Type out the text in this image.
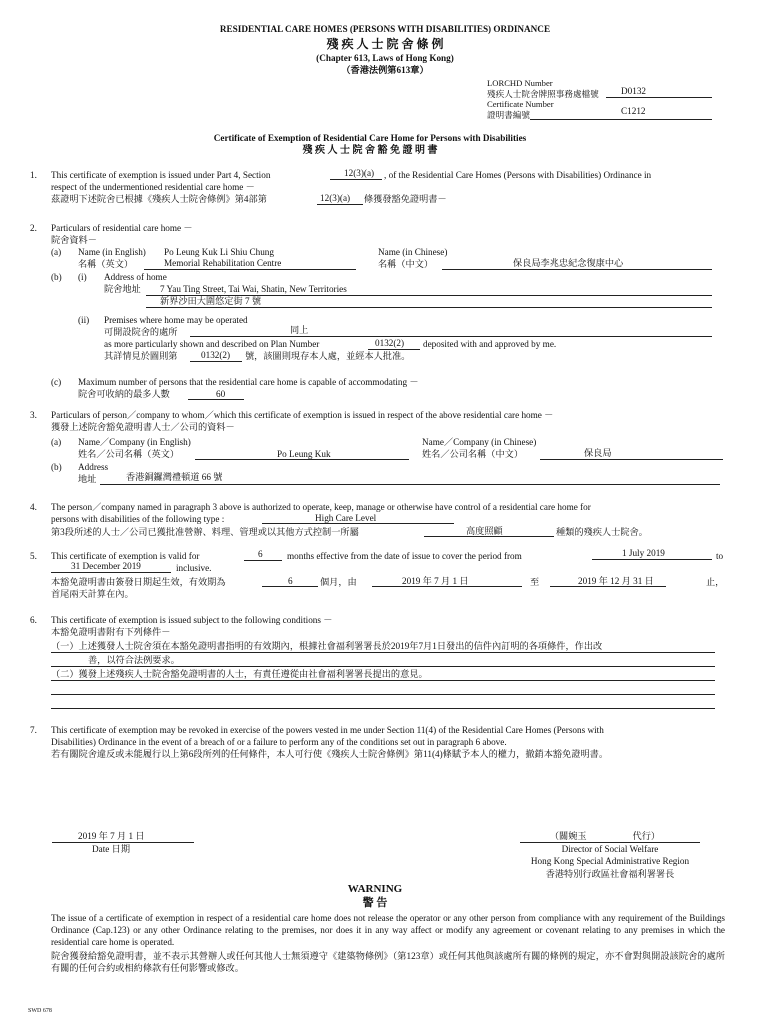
RESIDENTIAL CARE HOMES (PERSONS WITH DISABILITIES) ORDINANCE
殘 疾 人 士 院 舍 條 例
(Chapter 613, Laws of Hong Kong)
（香港法例第613章）
LORCHD Number
殘疾人士院舍牌照事務處檔號 D0132
Certificate Number
證明書編號	C1212
Certificate of Exemption of Residential Care Home for Persons with Disabilities
殘 疾 人 士 院 舍 豁 免 證 明 書
1. This certificate of exemption is issued under Part 4, Section	12(3)(a) , of the Residential Care Homes (Persons with Disabilities) Ordinance in
respect of the undermentioned residential care home －
茲證明下述院舍已根據《殘疾人士院舍條例》第4部第	12(3)(a) 條獲發豁免證明書－
2. Particulars of residential care home －
院舍資料－
(a) Name (in English) Po Leung Kuk Li Shiu Chung
名稱（英文）	Memorial Rehabilitation Centre
Name (in Chinese)
名稱（中文）	保良局李兆忠紀念復康中心
(b) (i) Address of home
院舍地址 7 Yau Ting Street, Tai Wai, Shatin, New Territories
新界沙田大圍悠定街 7 號
(ii) Premises where home may be operated
可開設院舍的處所	同上
as more particularly shown and described on Plan Number	0132(2) deposited with and approved by me.
其詳情見於圖則第	0132(2) 號，該圖則現存本人處，並經本人批准。
(c) Maximum number of persons that the residential care home is capable of accommodating －
院舍可收納的最多人數	60
3. Particulars of person／company to whom／which this certificate of exemption is issued in respect of the above residential care home －
獲發上述院舍豁免證明書人士／公司的資料－
(a) Name／Company (in English)
姓名／公司名稱（英文）	Po Leung Kuk
Name／Company (in Chinese)
姓名／公司名稱（中文）	保良局
(b) Address
地址	香港銅鑼灣禮頓道 66 號
4. The person／company named in paragraph 3 above is authorized to operate, keep, manage or otherwise have control of a residential care home for
persons with disabilities of the following type :	High Care Level
第3段所述的人士／公司已獲批准營辦、料理、管理或以其他方式控制一所屬	高度照顧	種類的殘疾人士院舍。
5. This certificate of exemption is valid for	6	months effective from the date of issue to cover the period from	1 July 2019	to
31 December 2019	inclusive.
本豁免證明書由簽發日期起生效，有效期為	6	個月，由	2019 年 7 月 1 日	至	2019 年 12 月 31 日	止，
首尾兩天計算在內。
6. This certificate of exemption is issued subject to the following conditions －
本豁免證明書附有下列條件－
（一）上述獲發人士院舍須在本豁免證明書指明的有效期內，根據社會福利署署長於2019年7月1日發出的信件內訂明的各項條件，作出改
善，以符合法例要求。
（二）獲發上述殘疾人士院舍豁免證明書的人士，有責任遵從由社會福利署署長提出的意見。
7. This certificate of exemption may be revoked in exercise of the powers vested in me under Section 11(4) of the Residential Care Homes (Persons with
Disabilities) Ordinance in the event of a breach of or a failure to perform any of the conditions set out in paragraph 6 above.
若有關院舍違反或未能履行以上第6段所列的任何條件，本人可行使《殘疾人士院舍條例》第11(4)條賦予本人的權力，撤銷本豁免證明書。
2019 年 7 月 1 日
Date 日期
（關婉玉　　　　　代行）
Director of Social Welfare
Hong Kong Special Administrative Region
香港特別行政區社會福利署署長
WARNING
警 告
The issue of a certificate of exemption in respect of a residential care home does not release the operator or any other person from compliance with any requirement of the Buildings Ordinance (Cap.123) or any other Ordinance relating to the premises, nor does it in any way affect or modify any agreement or covenant relating to any premises in which the residential care home is operated.
院舍獲發給豁免證明書，並不表示其營辦人或任何其他人士無須遵守《建築物條例》（第123章）或任何其他與該處所有關的條例的規定，亦不會對與開設該院舍的處所有關的任何合約或相約條款有任何影響或修改。
SWD 678
